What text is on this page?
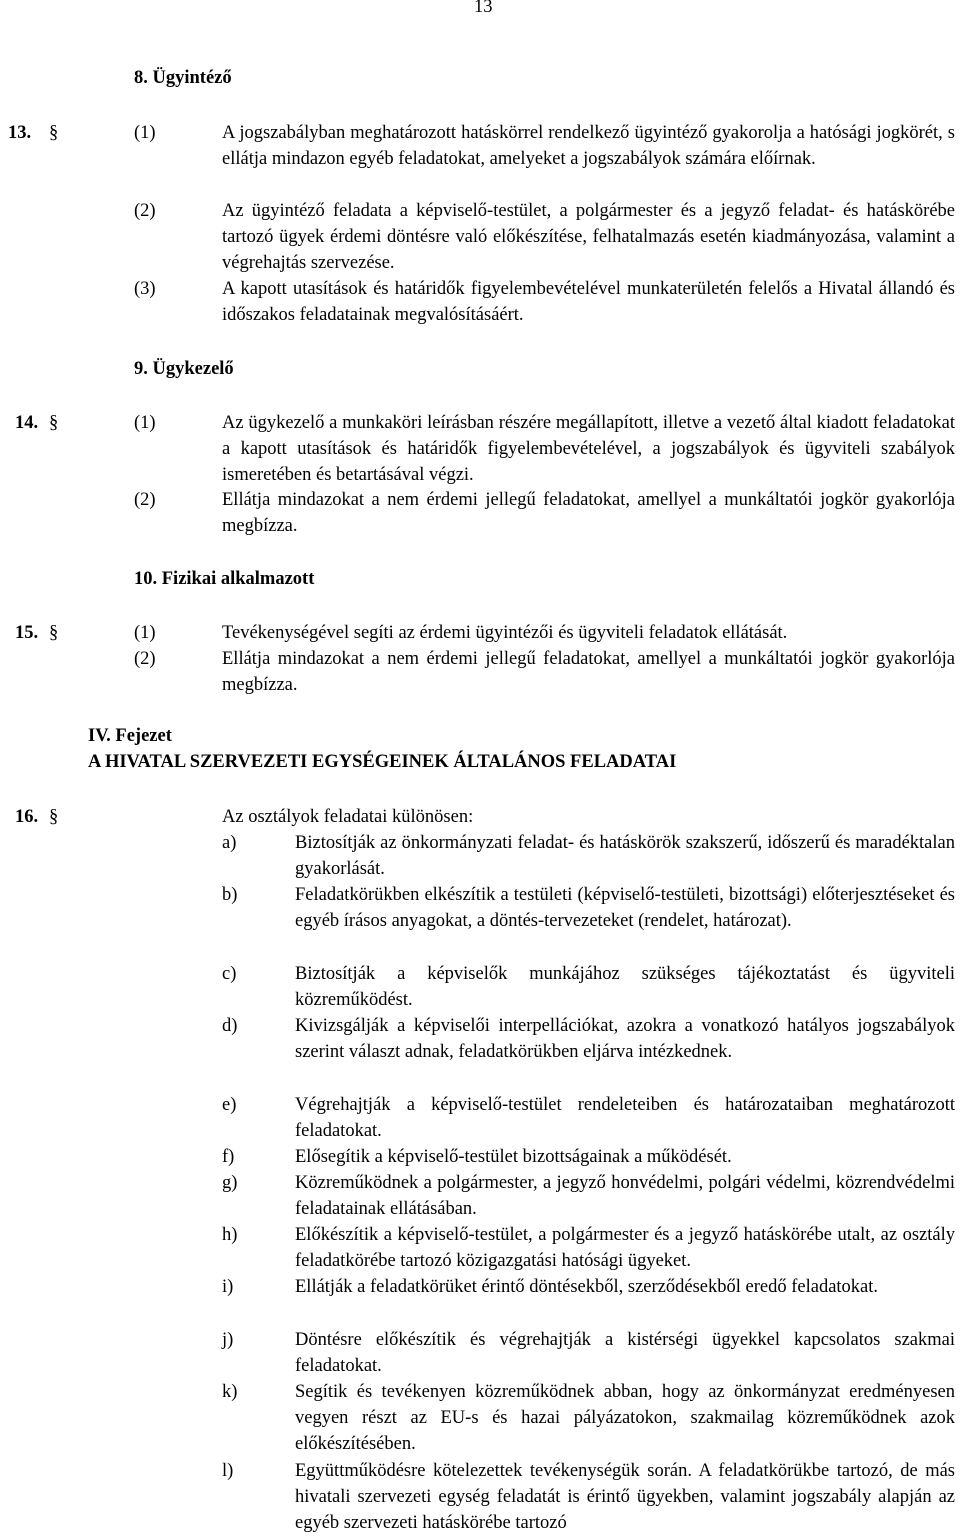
13
8. Ügyintéző
13. §	(1)	A jogszabályban meghatározott hatáskörrel rendelkező ügyintéző gyakorolja a hatósági jogkörét, s ellátja mindazon egyéb feladatokat, amelyeket a jogszabályok számára előírnak.
(2)	Az ügyintéző feladata a képviselő-testület, a polgármester és a jegyző feladat- és hatáskörébe tartozó ügyek érdemi döntésre való előkészítése, felhatalmazás esetén kiadmányozása, valamint a végrehajtás szervezése.
(3)	A kapott utasítások és határidők figyelembevételével munkaterületén felelős a Hivatal állandó és időszakos feladatainak megvalósításáért.
9. Ügykezelő
14. §	(1)	Az ügykezelő a munkaköri leírásban részére megállapított, illetve a vezető által kiadott feladatokat a kapott utasítások és határidők figyelembevételével, a jogszabályok és ügyviteli szabályok ismeretében és betartásával végzi.
(2)	Ellátja mindazokat a nem érdemi jellegű feladatokat, amellyel a munkáltatói jogkör gyakorlója megbízza.
10. Fizikai alkalmazott
15. §	(1)	Tevékenységével segíti az érdemi ügyintézői és ügyviteli feladatok ellátását.
(2)	Ellátja mindazokat a nem érdemi jellegű feladatokat, amellyel a munkáltatói jogkör gyakorlója megbízza.
IV. Fejezet
A HIVATAL SZERVEZETI EGYSÉGEINEK ÁLTALÁNOS FELADATAI
16. §	Az osztályok feladatai különösen:
a)	Biztosítják az önkormányzati feladat- és hatáskörök szakszerű, időszerű és maradéktalan gyakorlását.
b)	Feladatkörükben elkészítik a testületi (képviselő-testületi, bizottsági) előterjesztéseket és egyéb írásos anyagokat, a döntés-tervezeteket (rendelet, határozat).
c)	Biztosítják a képviselők munkájához szükséges tájékoztatást és ügyviteli közreműködést.
d)	Kivizsgálják a képviselői interpellációkat, azokra a vonatkozó hatályos jogszabályok szerint választ adnak, feladatkörükben eljárva intézkednek.
e)	Végrehajtják a képviselő-testület rendeleteiben és határozataiban meghatározott feladatokat.
f)	Elősegítik a képviselő-testület bizottságainak a működését.
g)	Közreműködnek a polgármester, a jegyző honvédelmi, polgári védelmi, közrendvédelmi feladatainak ellátásában.
h)	Előkészítik a képviselő-testület, a polgármester és a jegyző hatáskörébe utalt, az osztály feladatkörébe tartozó közigazgatási hatósági ügyeket.
i)	Ellátják a feladatkörüket érintő döntésekből, szerződésekből eredő feladatokat.
j)	Döntésre előkészítik és végrehajtják a kistérségi ügyekkel kapcsolatos szakmai feladatokat.
k)	Segítik és tevékenyen közreműködnek abban, hogy az önkormányzat eredményesen vegyen részt az EU-s és hazai pályázatokon, szakmailag közreműködnek azok előkészítésében.
l)	Együttműködésre kötelezettek tevékenységük során. A feladatkörükbe tartozó, de más hivatali szervezeti egység feladatát is érintő ügyekben, valamint jogszabály alapján az egyéb szervezeti hatáskörébe tartozó
